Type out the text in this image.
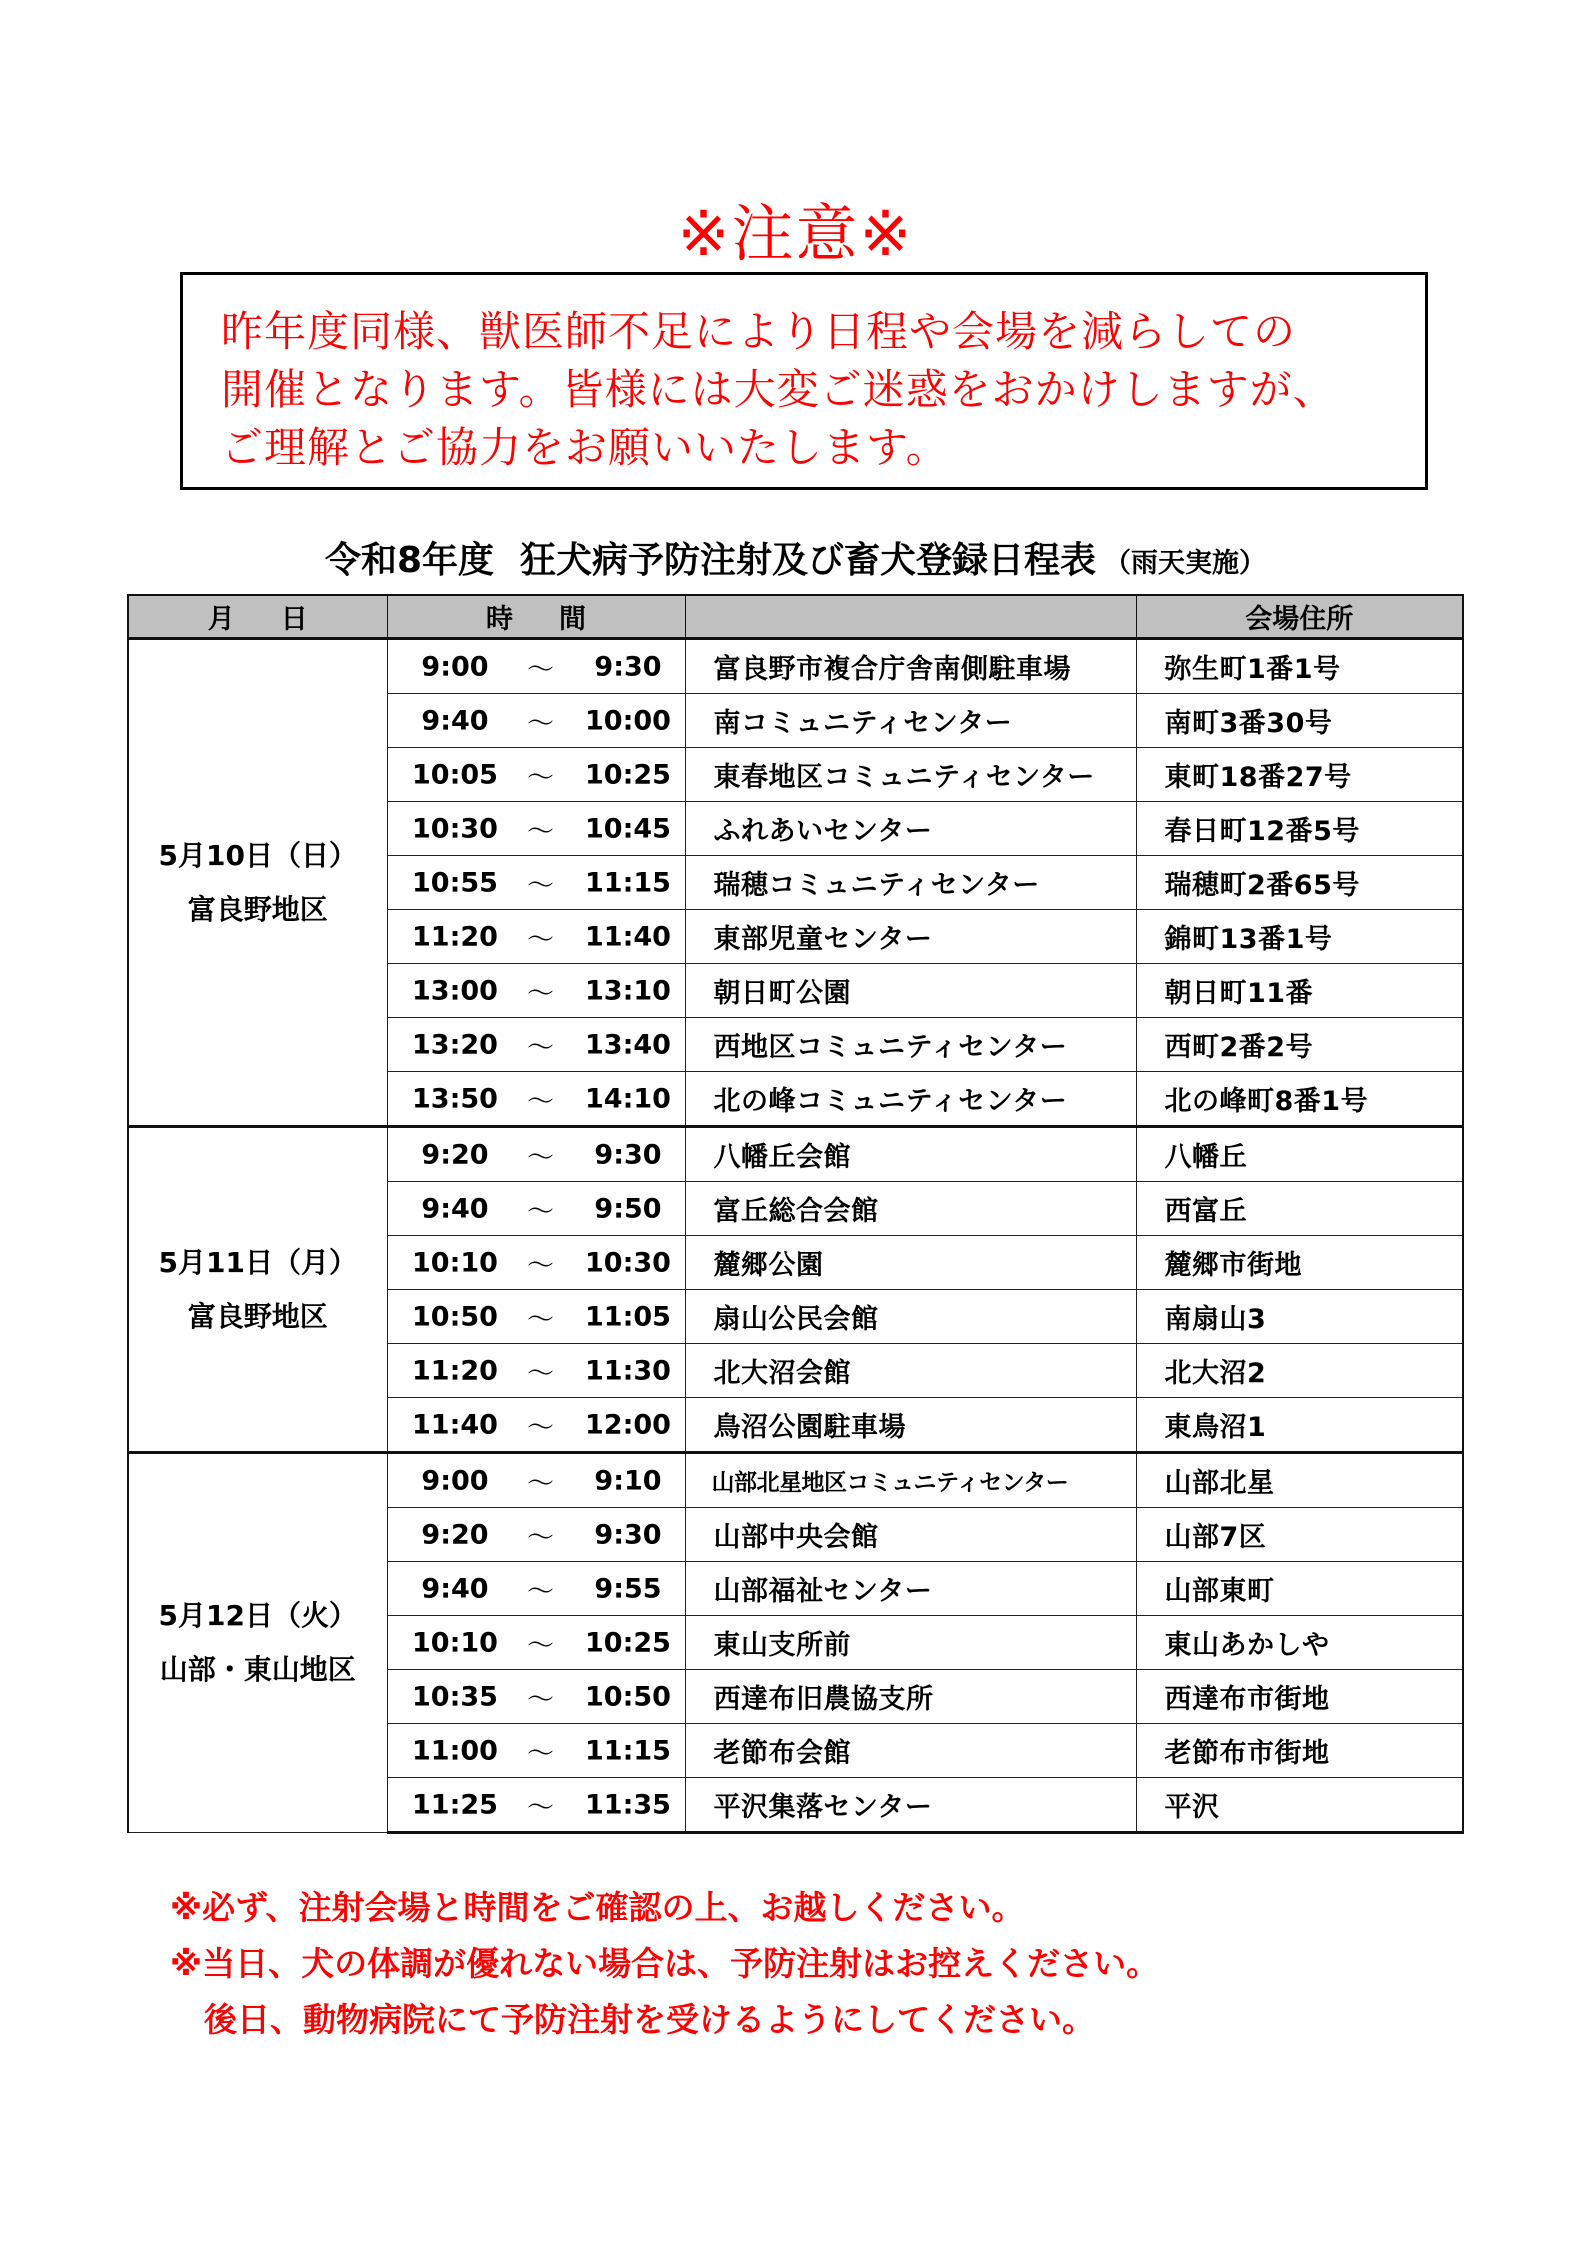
※注意※
昨年度同様、獣医師不足により日程や会場を減らしての
開催となります。皆様には大変ご迷惑をおかけしますが、
ご理解とご協力をお願いいたします。
令和8年度 狂犬病予防注射及び畜犬登録日程表 （雨天実施）
月 日	時 間		会場住所

5月10日（日）
富良野地区

9:00	～	9:30	富良野市複合庁舎南側駐車場	弥生町1番1号

	9:40 ～ 10:00	南コミュニティセンター	南町3番30号

	10:05 ～ 10:25	東春地区コミュニティセンター	東町18番27号

	10:30 ～ 10:45	ふれあいセンター	春日町12番5号

	10:55 ～ 11:15	瑞穂コミュニティセンター	瑞穂町2番65号

	11:20 ～ 11:40	東部児童センター	錦町13番1号

	13:00 ～ 13:10	朝日町公園	朝日町11番

	13:20 ～ 13:40	西地区コミュニティセンター	西町2番2号

	13:50 ～ 14:10	北の峰コミュニティセンター	北の峰町8番1号

5月11日（月）
富良野地区

9:20	～	9:30	八幡丘会館	八幡丘

	9:40 ～ 9:50	富丘総合会館	西富丘

	10:10 ～ 10:30	麓郷公園	麓郷市街地

	10:50 ～ 11:05	扇山公民会館	南扇山3

	11:20 ～ 11:30	北大沼会館	北大沼2

	11:40 ～ 12:00	鳥沼公園駐車場	東鳥沼1

5月12日（火）
山部・東山地区

9:00	～	9:10	山部北星地区コミュニティセンター	山部北星

	9:20 ～ 9:30	山部中央会館	山部7区

	9:40 ～ 9:55	山部福祉センター	山部東町

	10:10 ～ 10:25	東山支所前	東山あかしや

	10:35 ～ 10:50	西達布旧農協支所	西達布市街地

	11:00 ～ 11:15	老節布会館	老節布市街地

	11:25 ～ 11:35	平沢集落センター	平沢
※必ず、注射会場と時間をご確認の上、お越しください。
※当日、犬の体調が優れない場合は、予防注射はお控えください。
後日、動物病院にて予防注射を受けるようにしてください。
